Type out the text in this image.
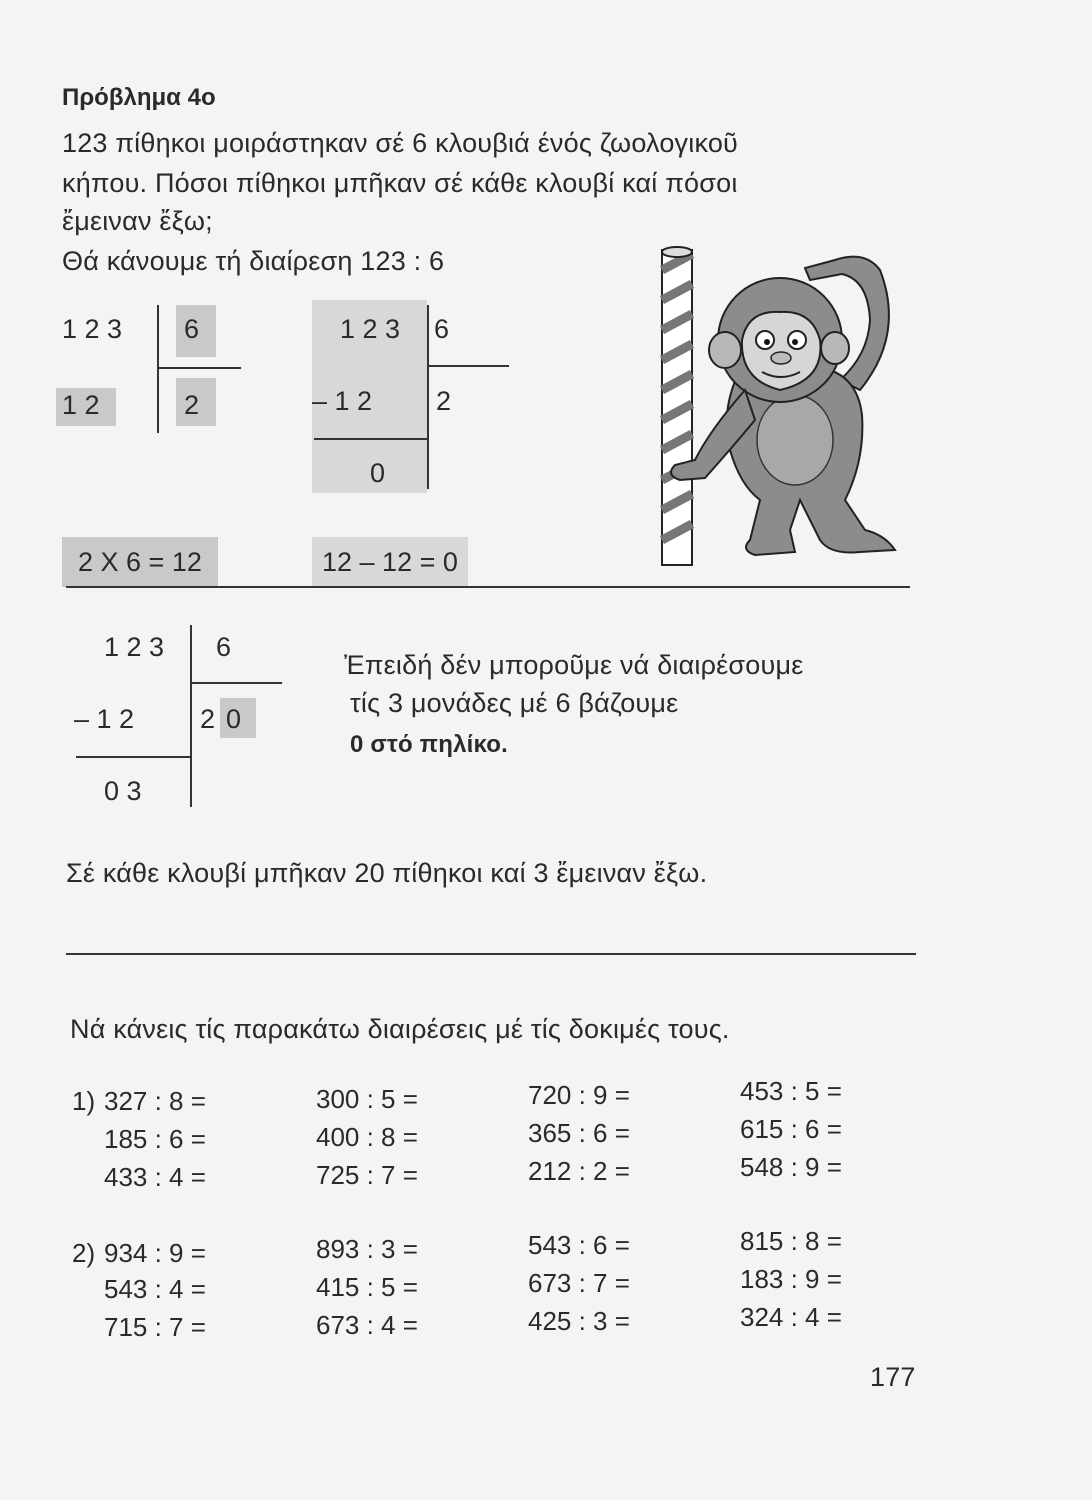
Πρόβλημα 4ο
123 πίθηκοι μοιράστηκαν σέ 6 κλουβιά ένός ζωολογικοῦ
κήπου. Πόσοι πίθηκοι μπῆκαν σέ κάθε κλουβί καί πόσοι
ἔμειναν ἔξω;
Θά κάνουμε τή διαίρεση 123 : 6
1 2 3 6
1 2	2
2 X 6 = 12
1 2 3 6
– 1 2 2
0
12 – 12 = 0
1 2 3 6
– 1 2 2 0
0 3
Ἐπειδή δέν μποροῦμε νά διαιρέσουμε
τίς 3 μονάδες μέ 6 βάζουμε
0 στό πηλίκο.
Σέ κάθε κλουβί μπῆκαν 20 πίθηκοι καί 3 ἔμειναν ἔξω.
Νά κάνεις τίς παρακάτω διαιρέσεις μέ τίς δοκιμές τους.
1) 327 : 8 =
185 : 6 =
433 : 4 =
300 : 5 =
400 : 8 =
725 : 7 =
720 : 9 =
365 : 6 =
212 : 2 =
453 : 5 =
615 : 6 =
548 : 9 =
2) 934 : 9 =
543 : 4 =
715 : 7 =
893 : 3 =
415 : 5 =
673 : 4 =
543 : 6 =
673 : 7 =
425 : 3 =
815 : 8 =
183 : 9 =
324 : 4 =
177
